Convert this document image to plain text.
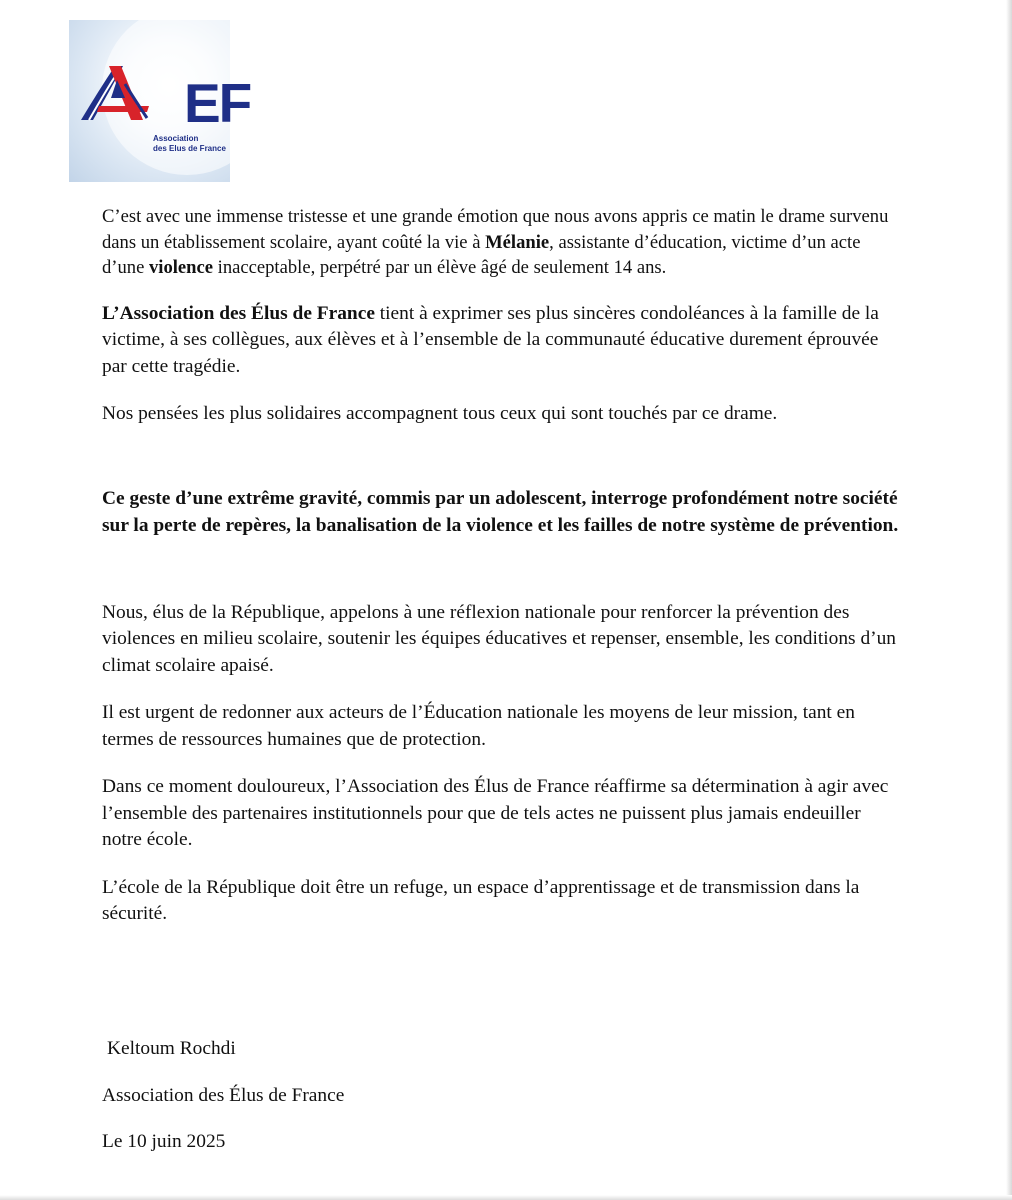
EF
Association
des Elus de France

C’est avec une immense tristesse et une grande émotion que nous avons appris ce matin le drame survenu dans un établissement scolaire, ayant coûté la vie à Mélanie, assistante d’éducation, victime d’un acte d’une violence inacceptable, perpétré par un élève âgé de seulement 14 ans.

L’Association des Élus de France tient à exprimer ses plus sincères condoléances à la famille de la victime, à ses collègues, aux élèves et à l’ensemble de la communauté éducative durement éprouvée par cette tragédie.

Nos pensées les plus solidaires accompagnent tous ceux qui sont touchés par ce drame.

Ce geste d’une extrême gravité, commis par un adolescent, interroge profondément notre société sur la perte de repères, la banalisation de la violence et les failles de notre système de prévention.

Nous, élus de la République, appelons à une réflexion nationale pour renforcer la prévention des violences en milieu scolaire, soutenir les équipes éducatives et repenser, ensemble, les conditions d’un climat scolaire apaisé.

Il est urgent de redonner aux acteurs de l’Éducation nationale les moyens de leur mission, tant en termes de ressources humaines que de protection.

Dans ce moment douloureux, l’Association des Élus de France réaffirme sa détermination à agir avec l’ensemble des partenaires institutionnels pour que de tels actes ne puissent plus jamais endeuiller notre école.

L’école de la République doit être un refuge, un espace d’apprentissage et de transmission dans la sécurité.

Keltoum Rochdi
Association des Élus de France
Le 10 juin 2025
